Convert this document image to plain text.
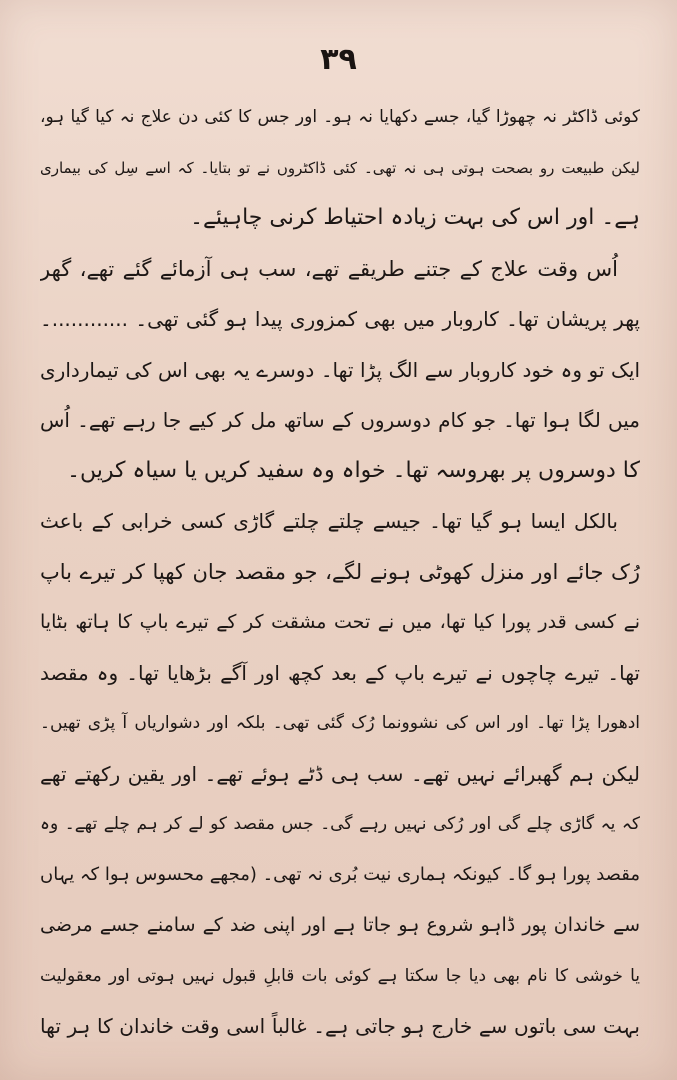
۳۹
کوئی ڈاکٹر نہ چھوڑا گیا، جسے دکھایا نہ ہو۔ اور جس کا کئی دن علاج نہ کیا گیا ہو،
لیکن طبیعت رو بصحت ہوتی ہی نہ تھی۔ کئی ڈاکٹروں نے تو بتایا۔ کہ اسے سِل کی بیماری
ہے۔ اور اس کی بہت زیادہ احتیاط کرنی چاہیئے۔
اُس وقت علاج کے جتنے طریقے تھے، سب ہی آزمائے گئے تھے، گھر
پھر پریشان تھا۔ کاروبار میں بھی کمزوری پیدا ہو گئی تھی۔ ............۔
ایک تو وہ خود کاروبار سے الگ پڑا تھا۔ دوسرے یہ بھی اس کی تیمارداری
میں لگا ہوا تھا۔ جو کام دوسروں کے ساتھ مل کر کیے جا رہے تھے۔ اُس
کا دوسروں پر بھروسہ تھا۔ خواہ وہ سفید کریں یا سیاہ کریں۔
بالکل ایسا ہو گیا تھا۔ جیسے چلتے چلتے گاڑی کسی خرابی کے باعث
رُک جائے اور منزل کھوٹی ہونے لگے، جو مقصد جان کھپا کر تیرے باپ
نے کسی قدر پورا کیا تھا، میں نے تحت مشقت کر کے تیرے باپ کا ہاتھ بٹایا
تھا۔ تیرے چاچوں نے تیرے باپ کے بعد کچھ اور آگے بڑھایا تھا۔ وہ مقصد
ادھورا پڑا تھا۔ اور اس کی نشوونما رُک گئی تھی۔ بلکہ اور دشواریاں آ پڑی تھیں۔
لیکن ہم گھبرائے نہیں تھے۔ سب ہی ڈٹے ہوئے تھے۔ اور یقین رکھتے تھے
کہ یہ گاڑی چلے گی اور رُکی نہیں رہے گی۔ جس مقصد کو لے کر ہم چلے تھے۔ وہ
مقصد پورا ہو گا۔ کیونکہ ہماری نیت بُری نہ تھی۔ (مجھے محسوس ہوا کہ یہاں
سے خاندان پور ڈاہو شروع ہو جاتا ہے اور اپنی ضد کے سامنے جسے مرضی
یا خوشی کا نام بھی دیا جا سکتا ہے کوئی بات قابلِ قبول نہیں ہوتی اور معقولیت
بہت سی باتوں سے خارج ہو جاتی ہے۔ غالباً اسی وقت خاندان کا ہر تھا
